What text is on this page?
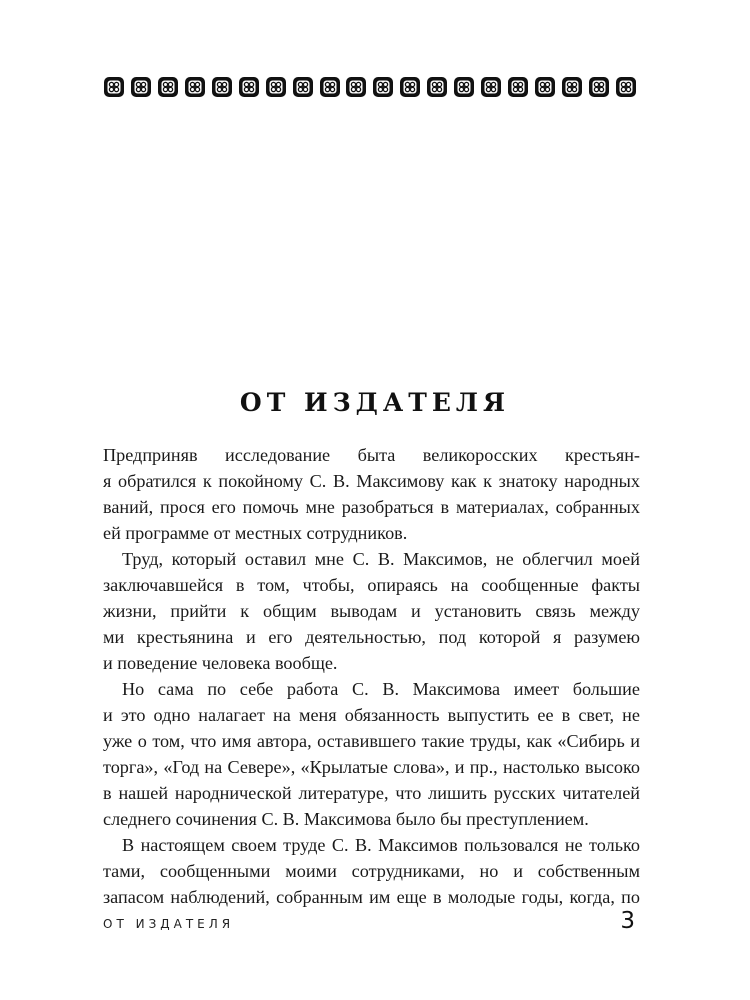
ОТ ИЗДАТЕЛЯ
Предприняв исследование быта великоросских крестьян-
я обратился к покойному С. В. Максимову как к знатоку народных
ваний, прося его помочь мне разобраться в материалах, собранных
ей программе от местных сотрудников.
Труд, который оставил мне С. В. Максимов, не облегчил моей
заключавшейся в том, чтобы, опираясь на сообщенные факты
жизни, прийти к общим выводам и установить связь между
ми крестьянина и его деятельностью, под которой я разумею
и поведение человека вообще.
Но сама по себе работа С. В. Максимова имеет большие
и это одно налагает на меня обязанность выпустить ее в свет, не
уже о том, что имя автора, оставившего такие труды, как «Сибирь и
торга», «Год на Севере», «Крылатые слова», и пр., настолько высоко
в нашей народнической литературе, что лишить русских читателей
следнего сочинения С. В. Максимова было бы преступлением.
В настоящем своем труде С. В. Максимов пользовался не только
тами, сообщенными моими сотрудниками, но и собственным
запасом наблюдений, собранным им еще в молодые годы, когда, по
ОТ ИЗДАТЕЛЯ	3
